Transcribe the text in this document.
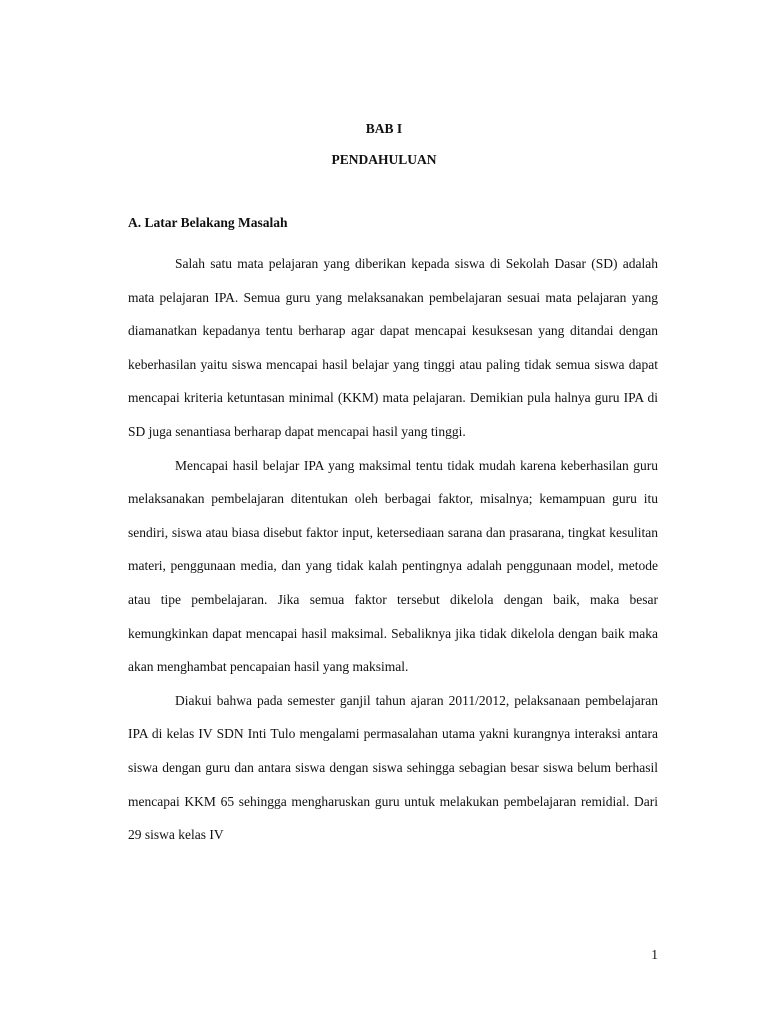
BAB I
PENDAHULUAN
A. Latar Belakang Masalah

Salah satu mata pelajaran yang diberikan kepada siswa di Sekolah Dasar (SD) adalah mata pelajaran IPA. Semua guru yang melaksanakan pembelajaran sesuai mata pelajaran yang diamanatkan kepadanya tentu berharap agar dapat mencapai kesuksesan yang ditandai dengan keberhasilan yaitu siswa mencapai hasil belajar yang tinggi atau paling tidak semua siswa dapat mencapai kriteria ketuntasan minimal (KKM) mata pelajaran. Demikian pula halnya guru IPA di SD juga senantiasa berharap dapat mencapai hasil yang tinggi.

Mencapai hasil belajar IPA yang maksimal tentu tidak mudah karena keberhasilan guru melaksanakan pembelajaran ditentukan oleh berbagai faktor, misalnya; kemampuan guru itu sendiri, siswa atau biasa disebut faktor input, ketersediaan sarana dan prasarana, tingkat kesulitan materi, penggunaan media, dan yang tidak kalah pentingnya adalah penggunaan model, metode atau tipe pembelajaran. Jika semua faktor tersebut dikelola dengan baik, maka besar kemungkinkan dapat mencapai hasil maksimal. Sebaliknya jika tidak dikelola dengan baik maka akan menghambat pencapaian hasil yang maksimal.

Diakui bahwa pada semester ganjil tahun ajaran 2011/2012, pelaksanaan pembelajaran IPA di kelas IV SDN Inti Tulo mengalami permasalahan utama yakni kurangnya interaksi antara siswa dengan guru dan antara siswa dengan siswa sehingga sebagian besar siswa belum berhasil mencapai KKM 65 sehingga mengharuskan guru untuk melakukan pembelajaran remidial. Dari 29 siswa kelas IV

1
